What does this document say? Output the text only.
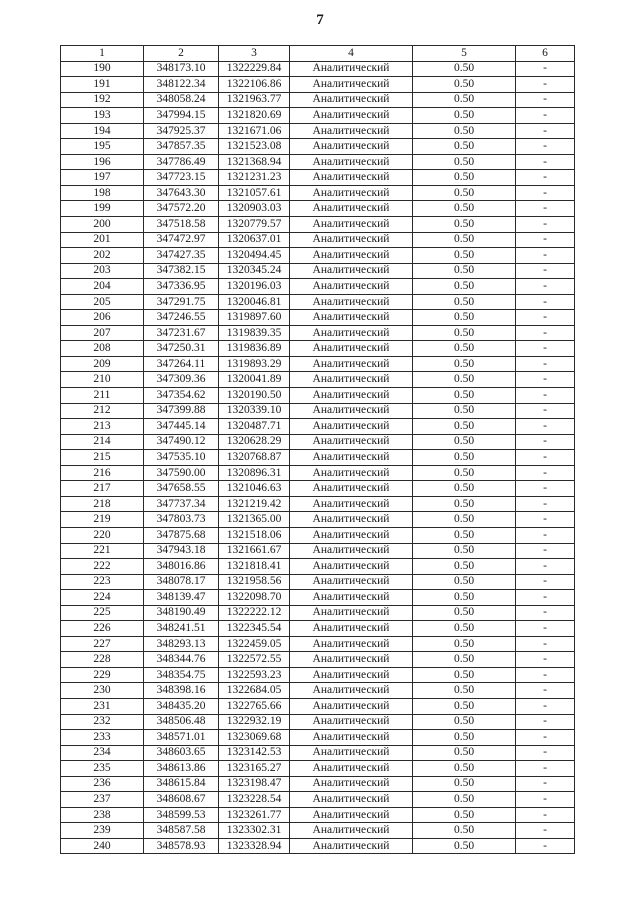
7
1	2	3	4	5	6
190	348173.10	1322229.84	Аналитический	0.50	-
191	348122.34	1322106.86	Аналитический	0.50	-
192	348058.24	1321963.77	Аналитический	0.50	-
193	347994.15	1321820.69	Аналитический	0.50	-
194	347925.37	1321671.06	Аналитический	0.50	-
195	347857.35	1321523.08	Аналитический	0.50	-
196	347786.49	1321368.94	Аналитический	0.50	-
197	347723.15	1321231.23	Аналитический	0.50	-
198	347643.30	1321057.61	Аналитический	0.50	-
199	347572.20	1320903.03	Аналитический	0.50	-
200	347518.58	1320779.57	Аналитический	0.50	-
201	347472.97	1320637.01	Аналитический	0.50	-
202	347427.35	1320494.45	Аналитический	0.50	-
203	347382.15	1320345.24	Аналитический	0.50	-
204	347336.95	1320196.03	Аналитический	0.50	-
205	347291.75	1320046.81	Аналитический	0.50	-
206	347246.55	1319897.60	Аналитический	0.50	-
207	347231.67	1319839.35	Аналитический	0.50	-
208	347250.31	1319836.89	Аналитический	0.50	-
209	347264.11	1319893.29	Аналитический	0.50	-
210	347309.36	1320041.89	Аналитический	0.50	-
211	347354.62	1320190.50	Аналитический	0.50	-
212	347399.88	1320339.10	Аналитический	0.50	-
213	347445.14	1320487.71	Аналитический	0.50	-
214	347490.12	1320628.29	Аналитический	0.50	-
215	347535.10	1320768.87	Аналитический	0.50	-
216	347590.00	1320896.31	Аналитический	0.50	-
217	347658.55	1321046.63	Аналитический	0.50	-
218	347737.34	1321219.42	Аналитический	0.50	-
219	347803.73	1321365.00	Аналитический	0.50	-
220	347875.68	1321518.06	Аналитический	0.50	-
221	347943.18	1321661.67	Аналитический	0.50	-
222	348016.86	1321818.41	Аналитический	0.50	-
223	348078.17	1321958.56	Аналитический	0.50	-
224	348139.47	1322098.70	Аналитический	0.50	-
225	348190.49	1322222.12	Аналитический	0.50	-
226	348241.51	1322345.54	Аналитический	0.50	-
227	348293.13	1322459.05	Аналитический	0.50	-
228	348344.76	1322572.55	Аналитический	0.50	-
229	348354.75	1322593.23	Аналитический	0.50	-
230	348398.16	1322684.05	Аналитический	0.50	-
231	348435.20	1322765.66	Аналитический	0.50	-
232	348506.48	1322932.19	Аналитический	0.50	-
233	348571.01	1323069.68	Аналитический	0.50	-
234	348603.65	1323142.53	Аналитический	0.50	-
235	348613.86	1323165.27	Аналитический	0.50	-
236	348615.84	1323198.47	Аналитический	0.50	-
237	348608.67	1323228.54	Аналитический	0.50	-
238	348599.53	1323261.77	Аналитический	0.50	-
239	348587.58	1323302.31	Аналитический	0.50	-
240	348578.93	1323328.94	Аналитический	0.50	-
